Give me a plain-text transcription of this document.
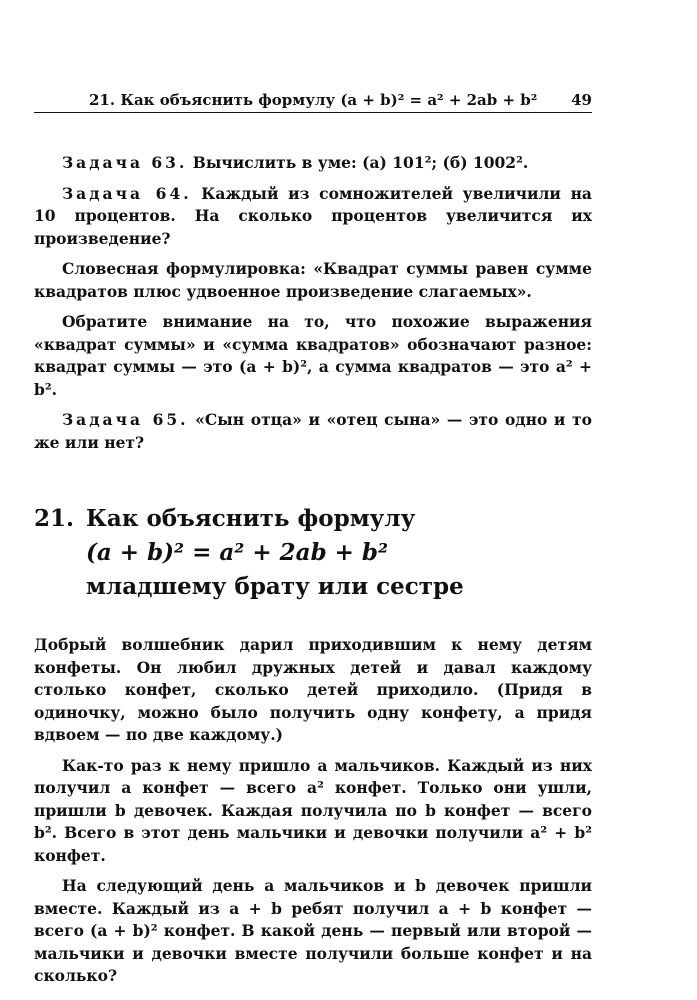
21. Как объяснить формулу (a + b)² = a² + 2ab + b² 49

Задача 63. Вычислить в уме: (а) 101²; (б) 1002².

Задача 64. Каждый из сомножителей увеличили на 10 процентов. На сколько процентов увеличится их произведение?

Словесная формулировка: «Квадрат суммы равен сумме квадратов плюс удвоенное произведение слагаемых».

Обратите внимание на то, что похожие выражения «квадрат суммы» и «сумма квадратов» обозначают разное: квадрат суммы — это (a + b)², а сумма квадратов — это a² + b².

Задача 65. «Сын отца» и «отец сына» — это одно и то же или нет?

21. Как объяснить формулу
(a + b)² = a² + 2ab + b²
младшему брату или сестре

Добрый волшебник дарил приходившим к нему детям конфеты. Он любил дружных детей и давал каждому столько конфет, сколько детей приходило. (Придя в одиночку, можно было получить одну конфету, а придя вдвоем — по две каждому.)

Как-то раз к нему пришло a мальчиков. Каждый из них получил a конфет — всего a² конфет. Только они ушли, пришли b девочек. Каждая получила по b конфет — всего b². Всего в этот день мальчики и девочки получили a² + b² конфет.

На следующий день a мальчиков и b девочек пришли вместе. Каждый из a + b ребят получил a + b конфет — всего (a + b)² конфет. В какой день — первый или второй — мальчики и девочки вместе получили больше конфет и на сколько?
